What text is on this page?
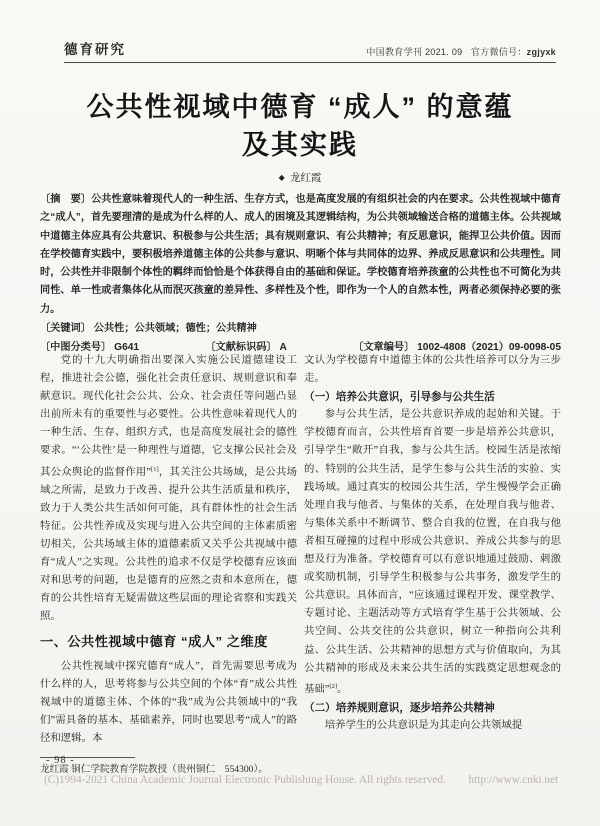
德育研究	中国教育学刊 2021. 09 官方微信号：zgjyxk
公共性视域中德育 “成人” 的意蕴
及其实践
◆ 龙红霞

〔摘　要〕公共性意味着现代人的一种生活、生存方式，也是高度发展的有组织社会的内在要求。公共性视域中德育之“成人”，首先要理清的是成为什么样的人、成人的困境及其逻辑结构，为公共领域输送合格的道德主体。公共视域中道德主体应具有公共意识、积极参与公共生活；具有规则意识、有公共精神；有反思意识，能捍卫公共价值。因而在学校德育实践中，要积极培养道德主体的公共参与意识、明晰个体与共同体的边界、养成反思意识和公共理性。同时，公共性并非限制个体性的羁绊而恰恰是个体获得自由的基础和保证。学校德育培养孩童的公共性也不可简化为共同性、单一性或者集体化从而泯灭孩童的差异性、多样性及个性，即作为一个人的自然本性，两者必须保持必要的张力。

〔关键词〕 公共性；公共领域；德性；公共精神

〔中图分类号〕 G641	〔文献标识码〕 A	〔文章编号〕 1002-4808（2021）09-0098-05

党的十九大明确指出要深入实施公民道德建设工程，推进社会公德，强化社会责任意识、规则意识和奉献意识。现代化社会公共、公众、社会责任等问题凸显出前所未有的重要性与必要性。公共性意味着现代人的一种生活、生存、组织方式，也是高度发展社会的德性要求。“‘公共性’是一种理性与道德，它支撑公民社会及其公众舆论的监督作用”[1]，其关注公共场域，是公共场域之所需，是致力于改善、提升公共生活质量和秩序，致力于人类公共生活如何可能，具有群体性的社会生活特征。公共性养成及实现与进入公共空间的主体素质密切相关，公共场域主体的道德素质又关乎公共视域中德育“成人”之实现。公共性的追求不仅是学校德育应该面对和思考的问题，也是德育的应然之责和本意所在，德育的公共性培育无疑需做这些层面的理论省察和实践关照。

一、公共性视域中德育 “成人” 之维度

公共性视域中探究德育“成人”，首先需要思考成为什么样的人，思考将参与公共空间的个体“育”成公共性视域中的道德主体、个体的“我”成为公共领域中的“我们”需具备的基本、基础素养，同时也要思考“成人”的路径和逻辑。本

龙红霞 铜仁学院教育学院教授（贵州铜仁　554300）。

文认为学校德育中道德主体的公共性培养可以分为三步走。

（一）培养公共意识，引导参与公共生活

参与公共生活，是公共意识养成的起始和关键。于学校德育而言，公共性培育首要一步是培养公共意识，引导学生“敞开”自我，参与公共生活。校园生活是浓缩的、特别的公共生活，是学生参与公共生活的实验、实践场域。通过真实的校园公共生活，学生慢慢学会正确处理自我与他者、与集体的关系，在处理自我与他者、与集体关系中不断调节、整合自我的位置，在自我与他者相互碰撞的过程中形成公共意识、养成公共参与的思想及行为准备。学校德育可以有意识地通过鼓励、刺激或奖励机制，引导学生积极参与公共事务，激发学生的公共意识。具体而言，“应该通过课程开发、课堂教学、专题讨论、主题活动等方式培育学生基于公共领域、公共空间、公共交往的公共意识，树立一种指向公共利益、公共生活、公共精神的思想方式与价值取向，为其公共精神的形成及未来公共生活的实践奠定思想观念的基础”[2]。

（二）培养规则意识，逐步培养公共精神

培养学生的公共意识是为其走向公共领域提

- 98 -
(C)1994-2021 China Academic Journal Electronic Publishing House. All rights reserved.　　http://www.cnki.net
